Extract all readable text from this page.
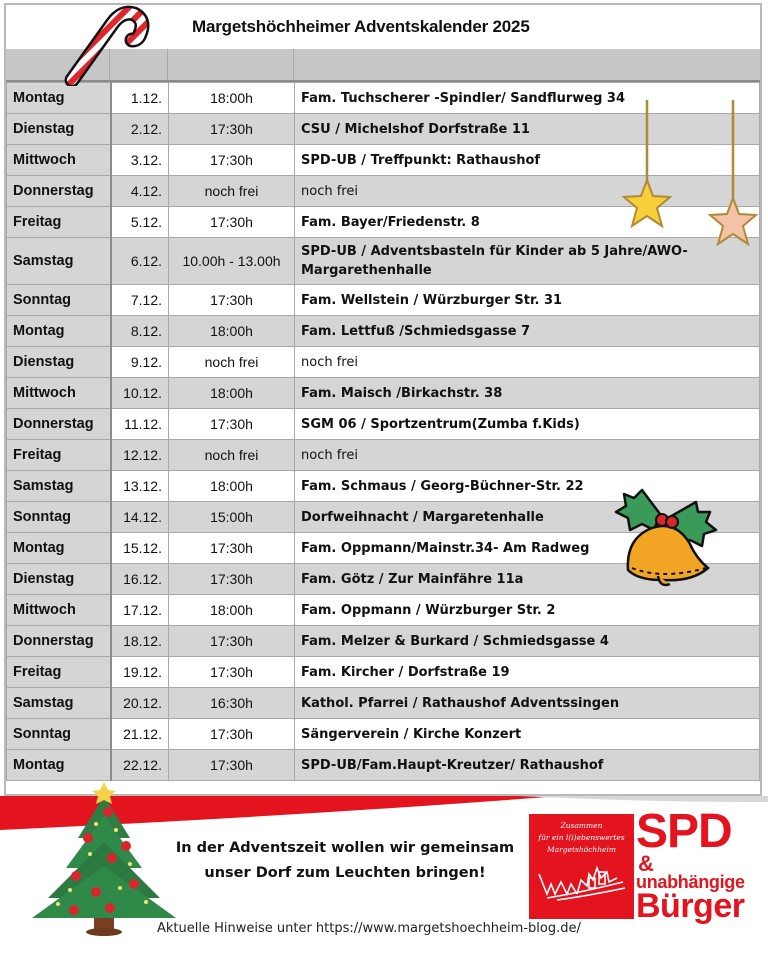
Margetshöchheimer Adventskalender 2025
Montag	1.12.	18:00h	Fam. Tuchscherer -Spindler/ Sandflurweg 34
Dienstag	2.12.	17:30h	CSU / Michelshof Dorfstraße 11
Mittwoch	3.12.	17:30h	SPD-UB / Treffpunkt: Rathaushof
Donnerstag	4.12.	noch frei	noch frei
Freitag	5.12.	17:30h	Fam. Bayer/Friedenstr. 8
Samstag	6.12.	10.00h - 13.00h	SPD-UB / Adventsbasteln für Kinder ab 5 Jahre/AWO-Margarethenhalle
Sonntag	7.12.	17:30h	Fam. Wellstein / Würzburger Str. 31
Montag	8.12.	18:00h	Fam. Lettfuß /Schmiedsgasse 7
Dienstag	9.12.	noch frei	noch frei
Mittwoch	10.12.	18:00h	Fam. Maisch /Birkachstr. 38
Donnerstag	11.12.	17:30h	SGM 06 / Sportzentrum(Zumba f.Kids)
Freitag	12.12.	noch frei	noch frei
Samstag	13.12.	18:00h	Fam. Schmaus / Georg-Büchner-Str. 22
Sonntag	14.12.	15:00h	Dorfweihnacht / Margaretenhalle
Montag	15.12.	17:30h	Fam. Oppmann/Mainstr.34- Am Radweg
Dienstag	16.12.	17:30h	Fam. Götz / Zur Mainfähre 11a
Mittwoch	17.12.	18:00h	Fam. Oppmann / Würzburger Str. 2
Donnerstag	18.12.	17:30h	Fam. Melzer & Burkard / Schmiedsgasse 4
Freitag	19.12.	17:30h	Fam. Kircher / Dorfstraße 19
Samstag	20.12.	16:30h	Kathol. Pfarrei / Rathaushof Adventssingen
Sonntag	21.12.	17:30h	Sängerverein / Kirche Konzert
Montag	22.12.	17:30h	SPD-UB/Fam.Haupt-Kreutzer/ Rathaushof
In der Adventszeit wollen wir gemeinsam
unser Dorf zum Leuchten bringen!
Aktuelle Hinweise unter https://www.margetshoechheim-blog.de/
Zusammen
für ein l(i)ebenswertes
Margetshöchheim SPD
&
unabhängige
Bürger
